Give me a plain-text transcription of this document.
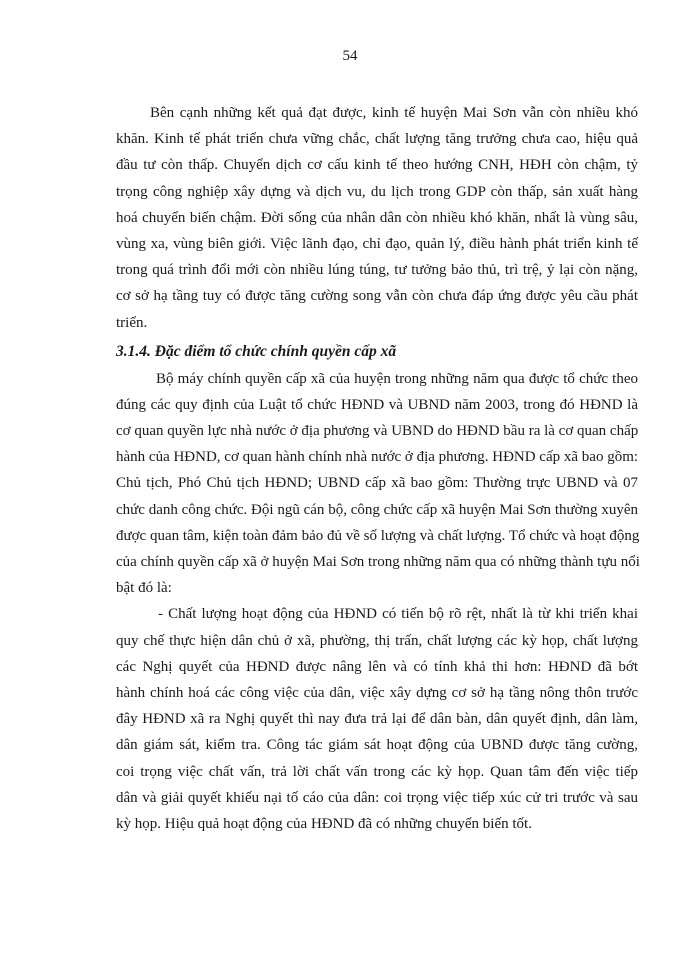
54
Bên cạnh những kết quả đạt được, kinh tế huyện Mai Sơn vẫn còn nhiều khó
khăn. Kinh tế phát triển chưa vững chắc, chất lượng tăng trưởng chưa cao, hiệu quả
đầu tư còn thấp. Chuyển dịch cơ cấu kinh tế theo hướng CNH, HĐH còn chậm, tỷ
trọng công nghiệp xây dựng và dịch vu, du lịch trong GDP còn thấp, sản xuất hàng
hoá chuyển biến chậm. Đời sống của nhân dân còn nhiều khó khăn, nhất là vùng sâu,
vùng xa, vùng biên giới. Việc lãnh đạo, chỉ đạo, quản lý, điều hành phát triển kinh tế
trong quá trình đổi mới còn nhiều lúng túng, tư tưởng bảo thủ, trì trệ, ỷ lại còn nặng,
cơ sở hạ tầng tuy có được tăng cường song vẫn còn chưa đáp ứng được yêu cầu phát
triển.
3.1.4. Đặc điểm tổ chức chính quyền cấp xã
Bộ máy chính quyền cấp xã của huyện trong những năm qua được tổ chức theo
đúng các quy định của Luật tổ chức HĐND và UBND năm 2003, trong đó HĐND là
cơ quan quyền lực nhà nước ở địa phương và UBND do HĐND bầu ra là cơ quan chấp
hành của HĐND, cơ quan hành chính nhà nước ở địa phương. HĐND cấp xã bao gồm:
Chủ tịch, Phó Chủ tịch HĐND; UBND cấp xã bao gồm: Thường trực UBND và 07
chức danh công chức. Đội ngũ cán bộ, công chức cấp xã huyện Mai Sơn thường xuyên
được quan tâm, kiện toàn đảm bảo đủ về số lượng và chất lượng. Tổ chức và hoạt động
của chính quyền cấp xã ở huyện Mai Sơn trong những năm qua có những thành tựu nổi
bật đó là:
- Chất lượng hoạt động của HĐND có tiến bộ rõ rệt, nhất là từ khi triển khai
quy chế thực hiện dân chủ ở xã, phường, thị trấn, chất lượng các kỳ họp, chất lượng
các Nghị quyết của HĐND được nâng lên và có tính khả thi hơn: HĐND đã bớt
hành chính hoá các công việc của dân, việc xây dựng cơ sở hạ tầng nông thôn trước
đây HĐND xã ra Nghị quyết thì nay đưa trả lại để dân bàn, dân quyết định, dân làm,
dân giám sát, kiểm tra. Công tác giám sát hoạt động của UBND được tăng cường,
coi trọng việc chất vấn, trả lời chất vấn trong các kỳ họp. Quan tâm đến việc tiếp
dân và giải quyết khiếu nại tố cáo của dân: coi trọng việc tiếp xúc cử tri trước và sau
kỳ họp. Hiệu quả hoạt động của HĐND đã có những chuyển biến tốt.
